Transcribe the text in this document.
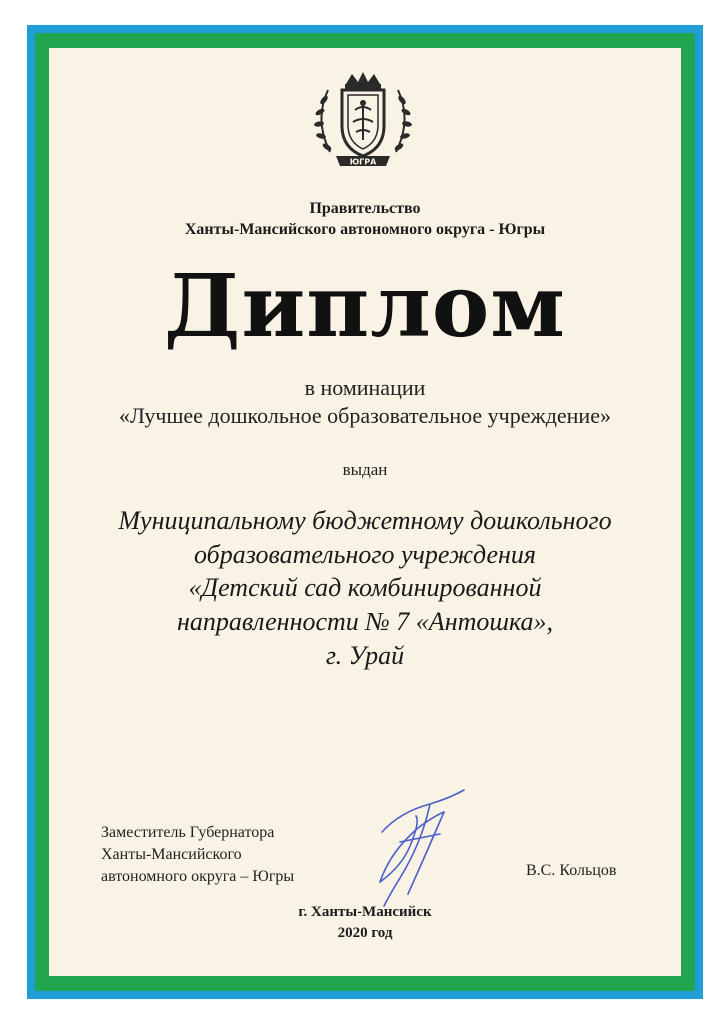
ЮГРА
Правительство
Ханты-Мансийского автономного округа - Югры
Диплом
в номинации
«Лучшее дошкольное образовательное учреждение»
выдан
Муниципальному бюджетному дошкольного
образовательного учреждения
«Детский сад комбинированной
направленности № 7 «Антошка»,
г. Урай
Заместитель Губернатора
Ханты-Мансийского
автономного округа – Югры	В.С. Кольцов
г. Ханты-Мансийск
2020 год
